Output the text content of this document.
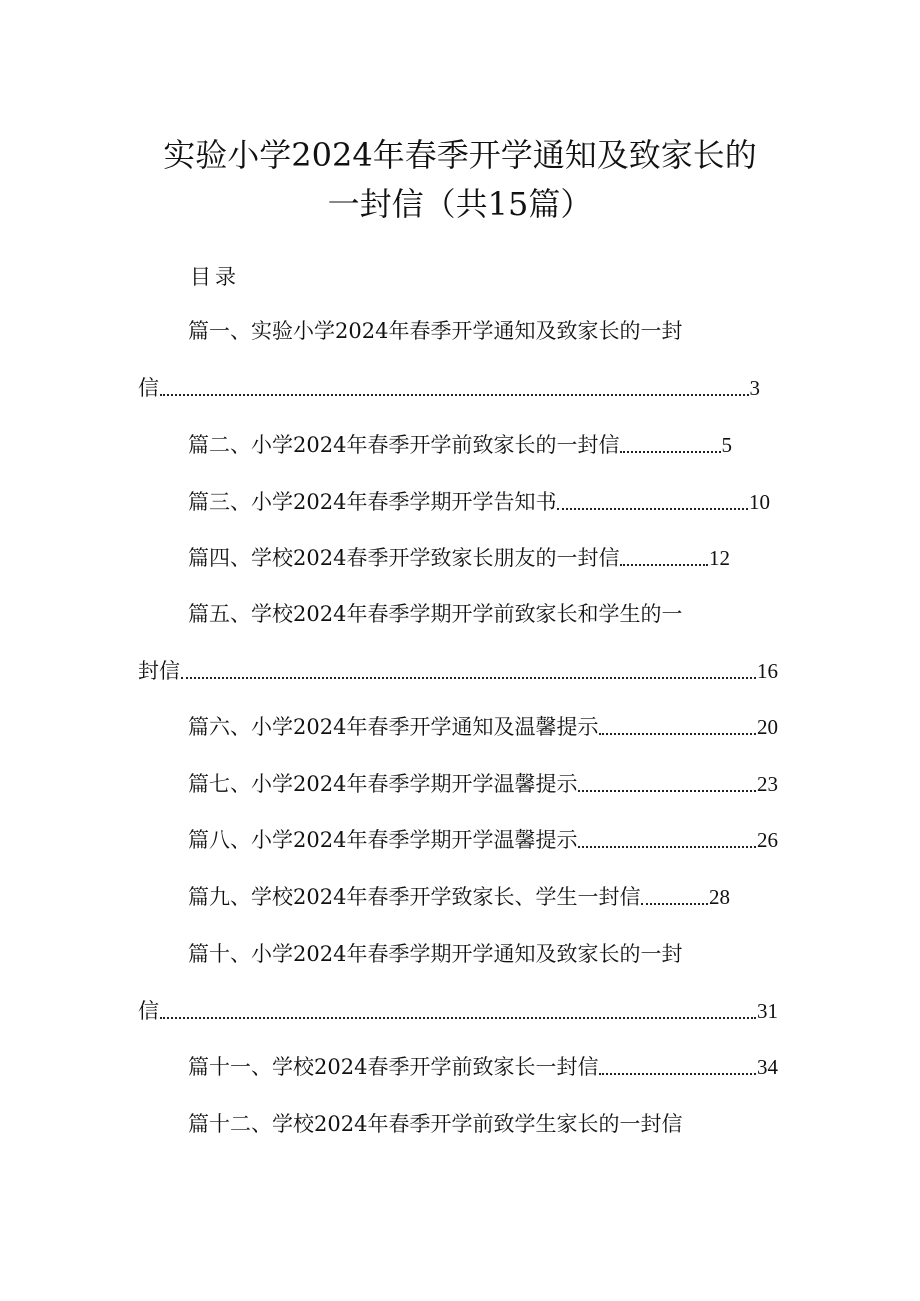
实验小学2024年春季开学通知及致家长的
一封信（共15篇）
目录
篇一、实验小学2024年春季开学通知及致家长的一封
信	3
篇二、小学2024年春季开学前致家长的一封信	5
篇三、小学2024年春季学期开学告知书	10
篇四、学校2024春季开学致家长朋友的一封信	12
篇五、学校2024年春季学期开学前致家长和学生的一
封信	16
篇六、小学2024年春季开学通知及温馨提示	20
篇七、小学2024年春季学期开学温馨提示	23
篇八、小学2024年春季学期开学温馨提示	26
篇九、学校2024年春季开学致家长、学生一封信	28
篇十、小学2024年春季学期开学通知及致家长的一封
信	31
篇十一、学校2024春季开学前致家长一封信	34
篇十二、学校2024年春季开学前致学生家长的一封信
